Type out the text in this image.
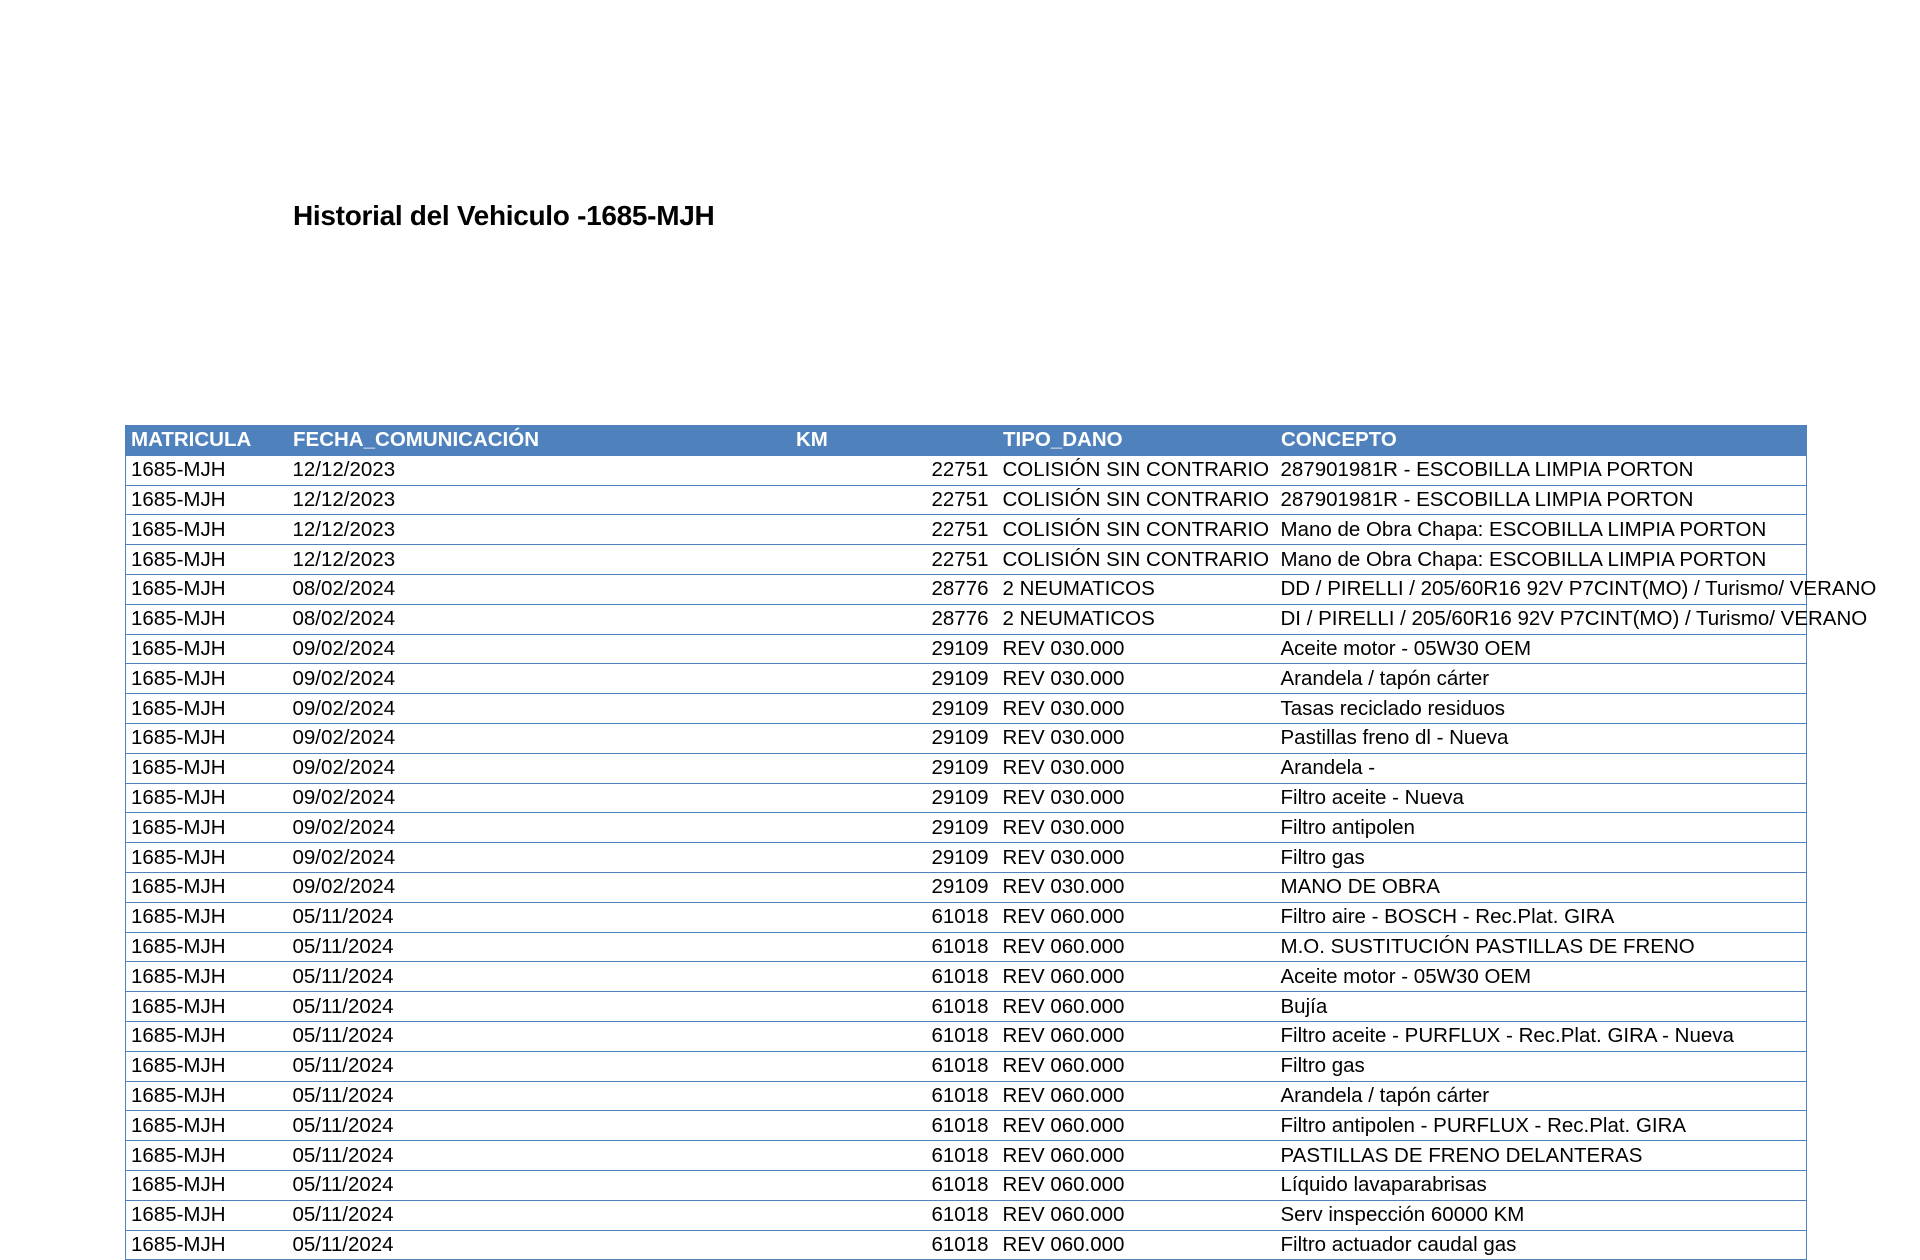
Historial del Vehiculo -1685-MJH
MATRICULA	FECHA_COMUNICACIÓN	KM	TIPO_DANO	CONCEPTO
1685-MJH	12/12/2023	22751	COLISIÓN SIN CONTRARIO	287901981R - ESCOBILLA LIMPIA PORTON
1685-MJH	12/12/2023	22751	COLISIÓN SIN CONTRARIO	287901981R - ESCOBILLA LIMPIA PORTON
1685-MJH	12/12/2023	22751	COLISIÓN SIN CONTRARIO	Mano de Obra Chapa: ESCOBILLA LIMPIA PORTON
1685-MJH	12/12/2023	22751	COLISIÓN SIN CONTRARIO	Mano de Obra Chapa: ESCOBILLA LIMPIA PORTON
1685-MJH	08/02/2024	28776	2 NEUMATICOS	DD / PIRELLI / 205/60R16 92V P7CINT(MO) / Turismo/ VERANO
1685-MJH	08/02/2024	28776	2 NEUMATICOS	DI / PIRELLI / 205/60R16 92V P7CINT(MO) / Turismo/ VERANO
1685-MJH	09/02/2024	29109	REV 030.000	Aceite motor - 05W30 OEM
1685-MJH	09/02/2024	29109	REV 030.000	Arandela / tapón cárter
1685-MJH	09/02/2024	29109	REV 030.000	Tasas reciclado residuos
1685-MJH	09/02/2024	29109	REV 030.000	Pastillas freno dl - Nueva
1685-MJH	09/02/2024	29109	REV 030.000	Arandela -
1685-MJH	09/02/2024	29109	REV 030.000	Filtro aceite - Nueva
1685-MJH	09/02/2024	29109	REV 030.000	Filtro antipolen
1685-MJH	09/02/2024	29109	REV 030.000	Filtro gas
1685-MJH	09/02/2024	29109	REV 030.000	MANO DE OBRA
1685-MJH	05/11/2024	61018	REV 060.000	Filtro aire - BOSCH - Rec.Plat. GIRA
1685-MJH	05/11/2024	61018	REV 060.000	M.O. SUSTITUCIÓN PASTILLAS DE FRENO
1685-MJH	05/11/2024	61018	REV 060.000	Aceite motor - 05W30 OEM
1685-MJH	05/11/2024	61018	REV 060.000	Bujía
1685-MJH	05/11/2024	61018	REV 060.000	Filtro aceite - PURFLUX - Rec.Plat. GIRA - Nueva
1685-MJH	05/11/2024	61018	REV 060.000	Filtro gas
1685-MJH	05/11/2024	61018	REV 060.000	Arandela / tapón cárter
1685-MJH	05/11/2024	61018	REV 060.000	Filtro antipolen - PURFLUX - Rec.Plat. GIRA
1685-MJH	05/11/2024	61018	REV 060.000	PASTILLAS DE FRENO DELANTERAS
1685-MJH	05/11/2024	61018	REV 060.000	Líquido lavaparabrisas
1685-MJH	05/11/2024	61018	REV 060.000	Serv inspección 60000 KM
1685-MJH	05/11/2024	61018	REV 060.000	Filtro actuador caudal gas
